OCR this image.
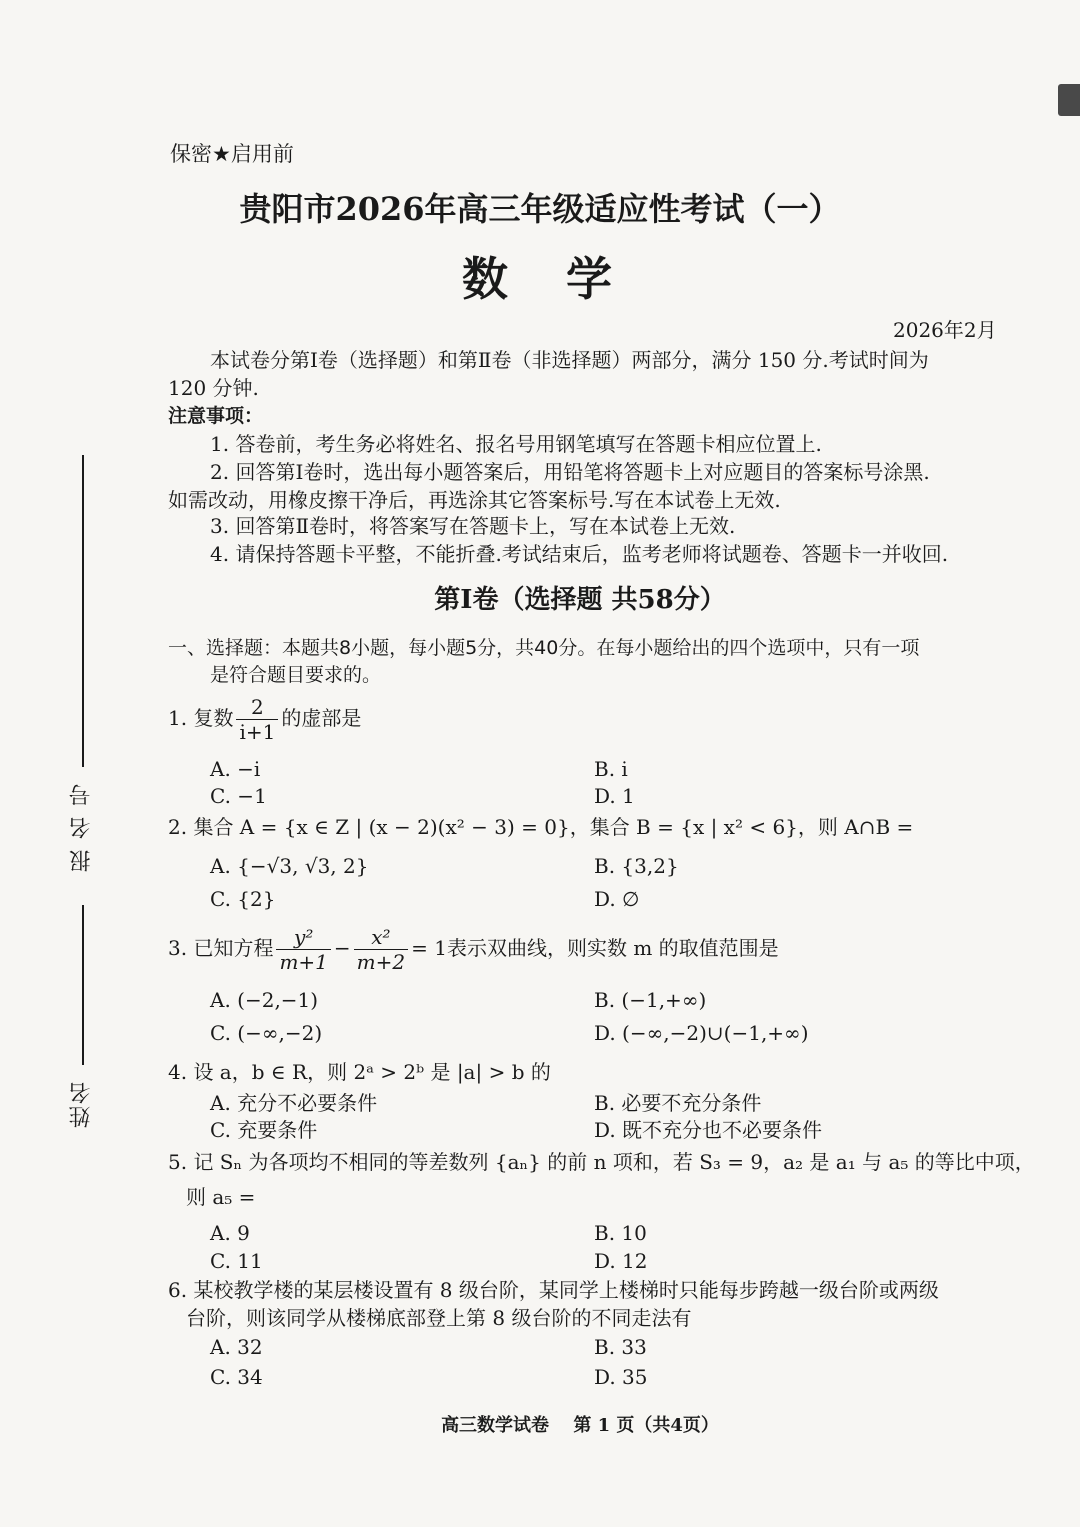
报 名 号
姓名
保密★启用前
贵阳市2026年高三年级适应性考试（一）
数　学
2026年2月
本试卷分第Ⅰ卷（选择题）和第Ⅱ卷（非选择题）两部分，满分 150 分.考试时间为
120 分钟.
注意事项：
1. 答卷前，考生务必将姓名、报名号用钢笔填写在答题卡相应位置上.
2. 回答第Ⅰ卷时，选出每小题答案后，用铅笔将答题卡上对应题目的答案标号涂黑.
如需改动，用橡皮擦干净后，再选涂其它答案标号.写在本试卷上无效.
3. 回答第Ⅱ卷时，将答案写在答题卡上，写在本试卷上无效.
4. 请保持答题卡平整，不能折叠.考试结束后，监考老师将试题卷、答题卡一并收回.
第Ⅰ卷（选择题 共58分）
一、选择题：本题共8小题，每小题5分，共40分。在每小题给出的四个选项中，只有一项
是符合题目要求的。
1. 复数 $\frac{2}{i+1}$ 的虚部是
A. −i	B. i
C. −1	D. 1
2. 集合 A = {x ∈ Z | (x − 2)(x² − 3) = 0}，集合 B = {x | x² < 6}，则 A∩B =
A. {−√3, √3, 2}	B. {3,2}
C. {2}	D. ∅
3. 已知方程 $\frac{\text{y²}}{m+1} - \frac{\text{x²}}{m+2} = 1$表示双曲线，则实数 m 的取值范围是
A. (−2,−1)	B. (−1,+∞)
C. (−∞,−2)	D. (−∞,−2)∪(−1,+∞)
4. 设 a，b ∈ R，则 2ᵃ > 2ᵇ 是 |a| > b 的
A. 充分不必要条件	B. 必要不充分条件
C. 充要条件	D. 既不充分也不必要条件
5. 记 Sₙ 为各项均不相同的等差数列 {aₙ} 的前 n 项和，若 S₃ = 9，a₂ 是 a₁ 与 a₅ 的等比中项，
则 a₅ =
A. 9	B. 10
C. 11	D. 12
6. 某校教学楼的某层楼设置有 8 级台阶，某同学上楼梯时只能每步跨越一级台阶或两级
台阶，则该同学从楼梯底部登上第 8 级台阶的不同走法有
A. 32	B. 33
C. 34	D. 35
高三数学试卷　 第 1 页（共4页）
